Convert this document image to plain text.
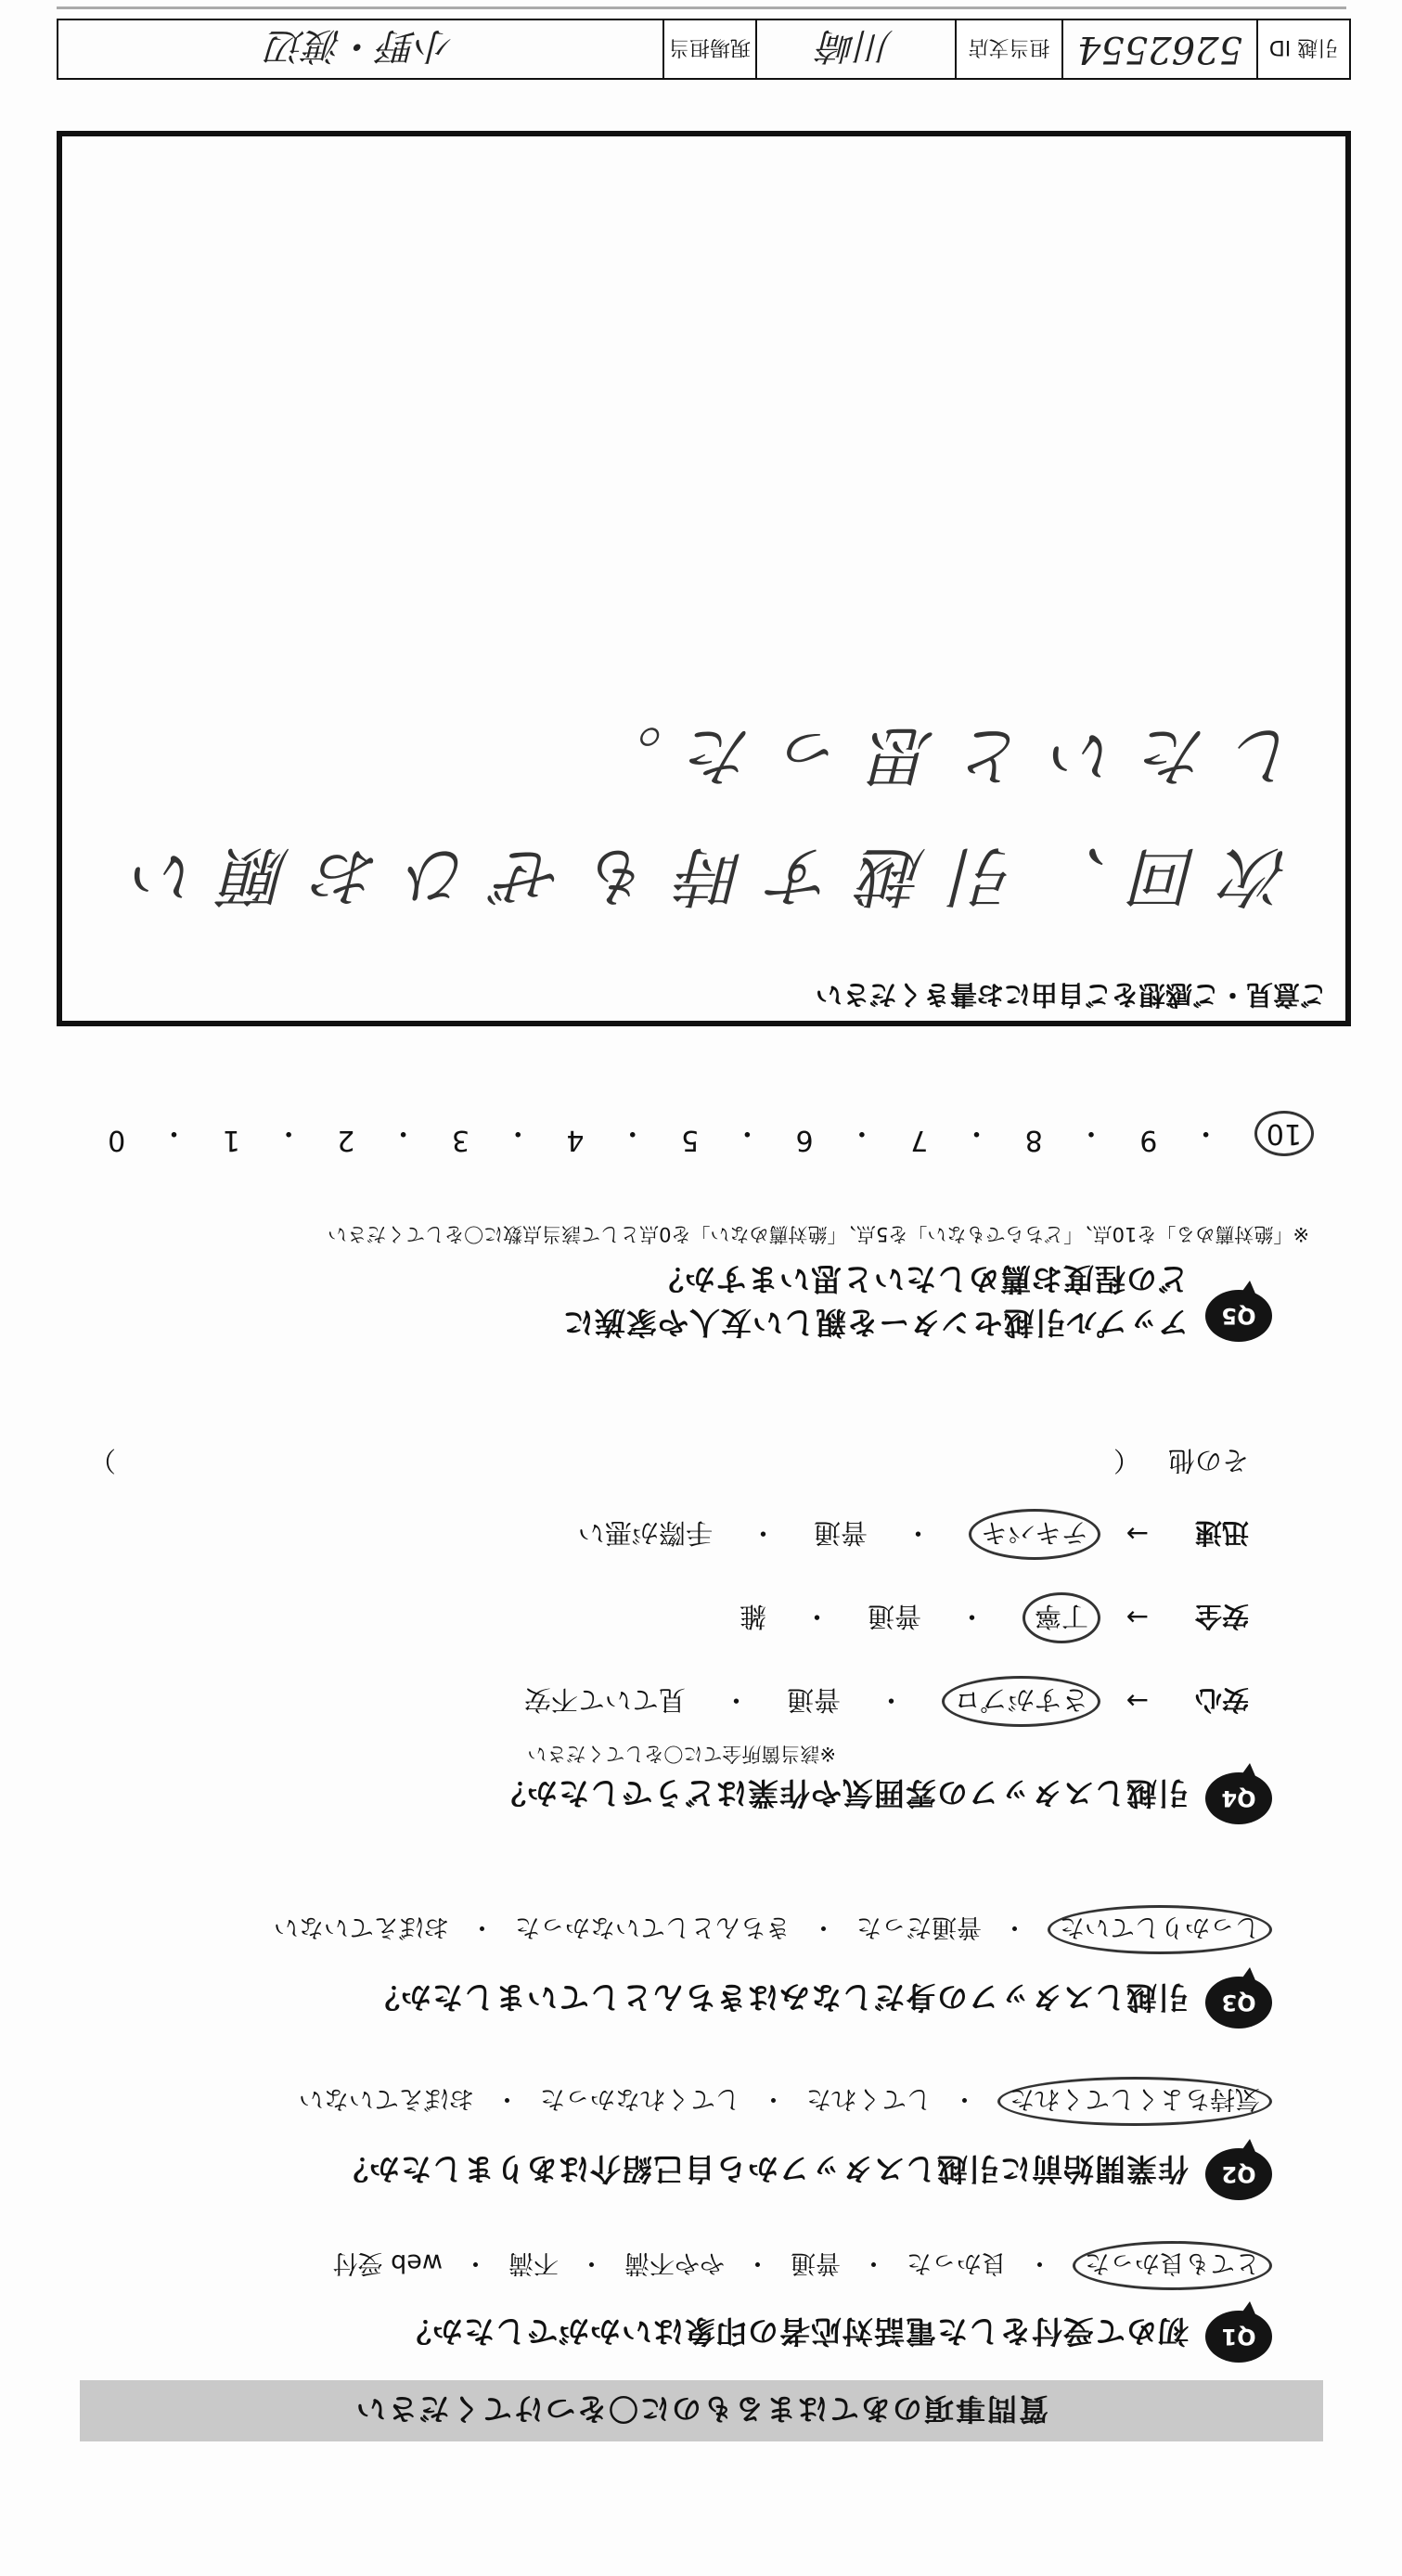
質問事項のあてはまるものに〇をつけてください
Q1
初めて受付をした電話対応者の印象はいかがでしたか？
とても良かった
・
良かった
・
普通
・
やや不満
・
不満
・
web 受付
Q2
作業開始前に引越しスタッフから自己紹介はありましたか？
気持ちよくしてくれた
・
してくれた
・
してくれなかった
・
おぼえていない
Q3
引越しスタッフの身だしなみはきちんとしていましたか？
しっかりしていた
・
普通だった
・
きちんとしていなかった
・
おぼえていない
Q4
引越しスタッフの雰囲気や作業はどうでしたか？
※該当箇所全てに〇をしてください
安心
→
さすがプロ
・
普通
・
見ていて不安
安全
→
丁寧
・
普通
・
雑
迅速
→
テキパキ
・
普通
・
手際が悪い
その他
（
）
Q5
アップル引越センターを親しい友人や家族に
どの程度お薦めしたいと思いますか？
※「絶対薦める」を10点、「どちらでもない」を5点、「絶対薦めない」を0点として該当点数に〇をしてください
10
・
9
・
8
・
7
・
6
・
5
・
4
・
3
・
2
・
1
・
0
ご意見・ご感想をご自由にお書きください
次回、引越す時もぜひお願い
したいと思った。
引越 ID
5262554
担当支店
川崎
現場担当
小野・渡辺
